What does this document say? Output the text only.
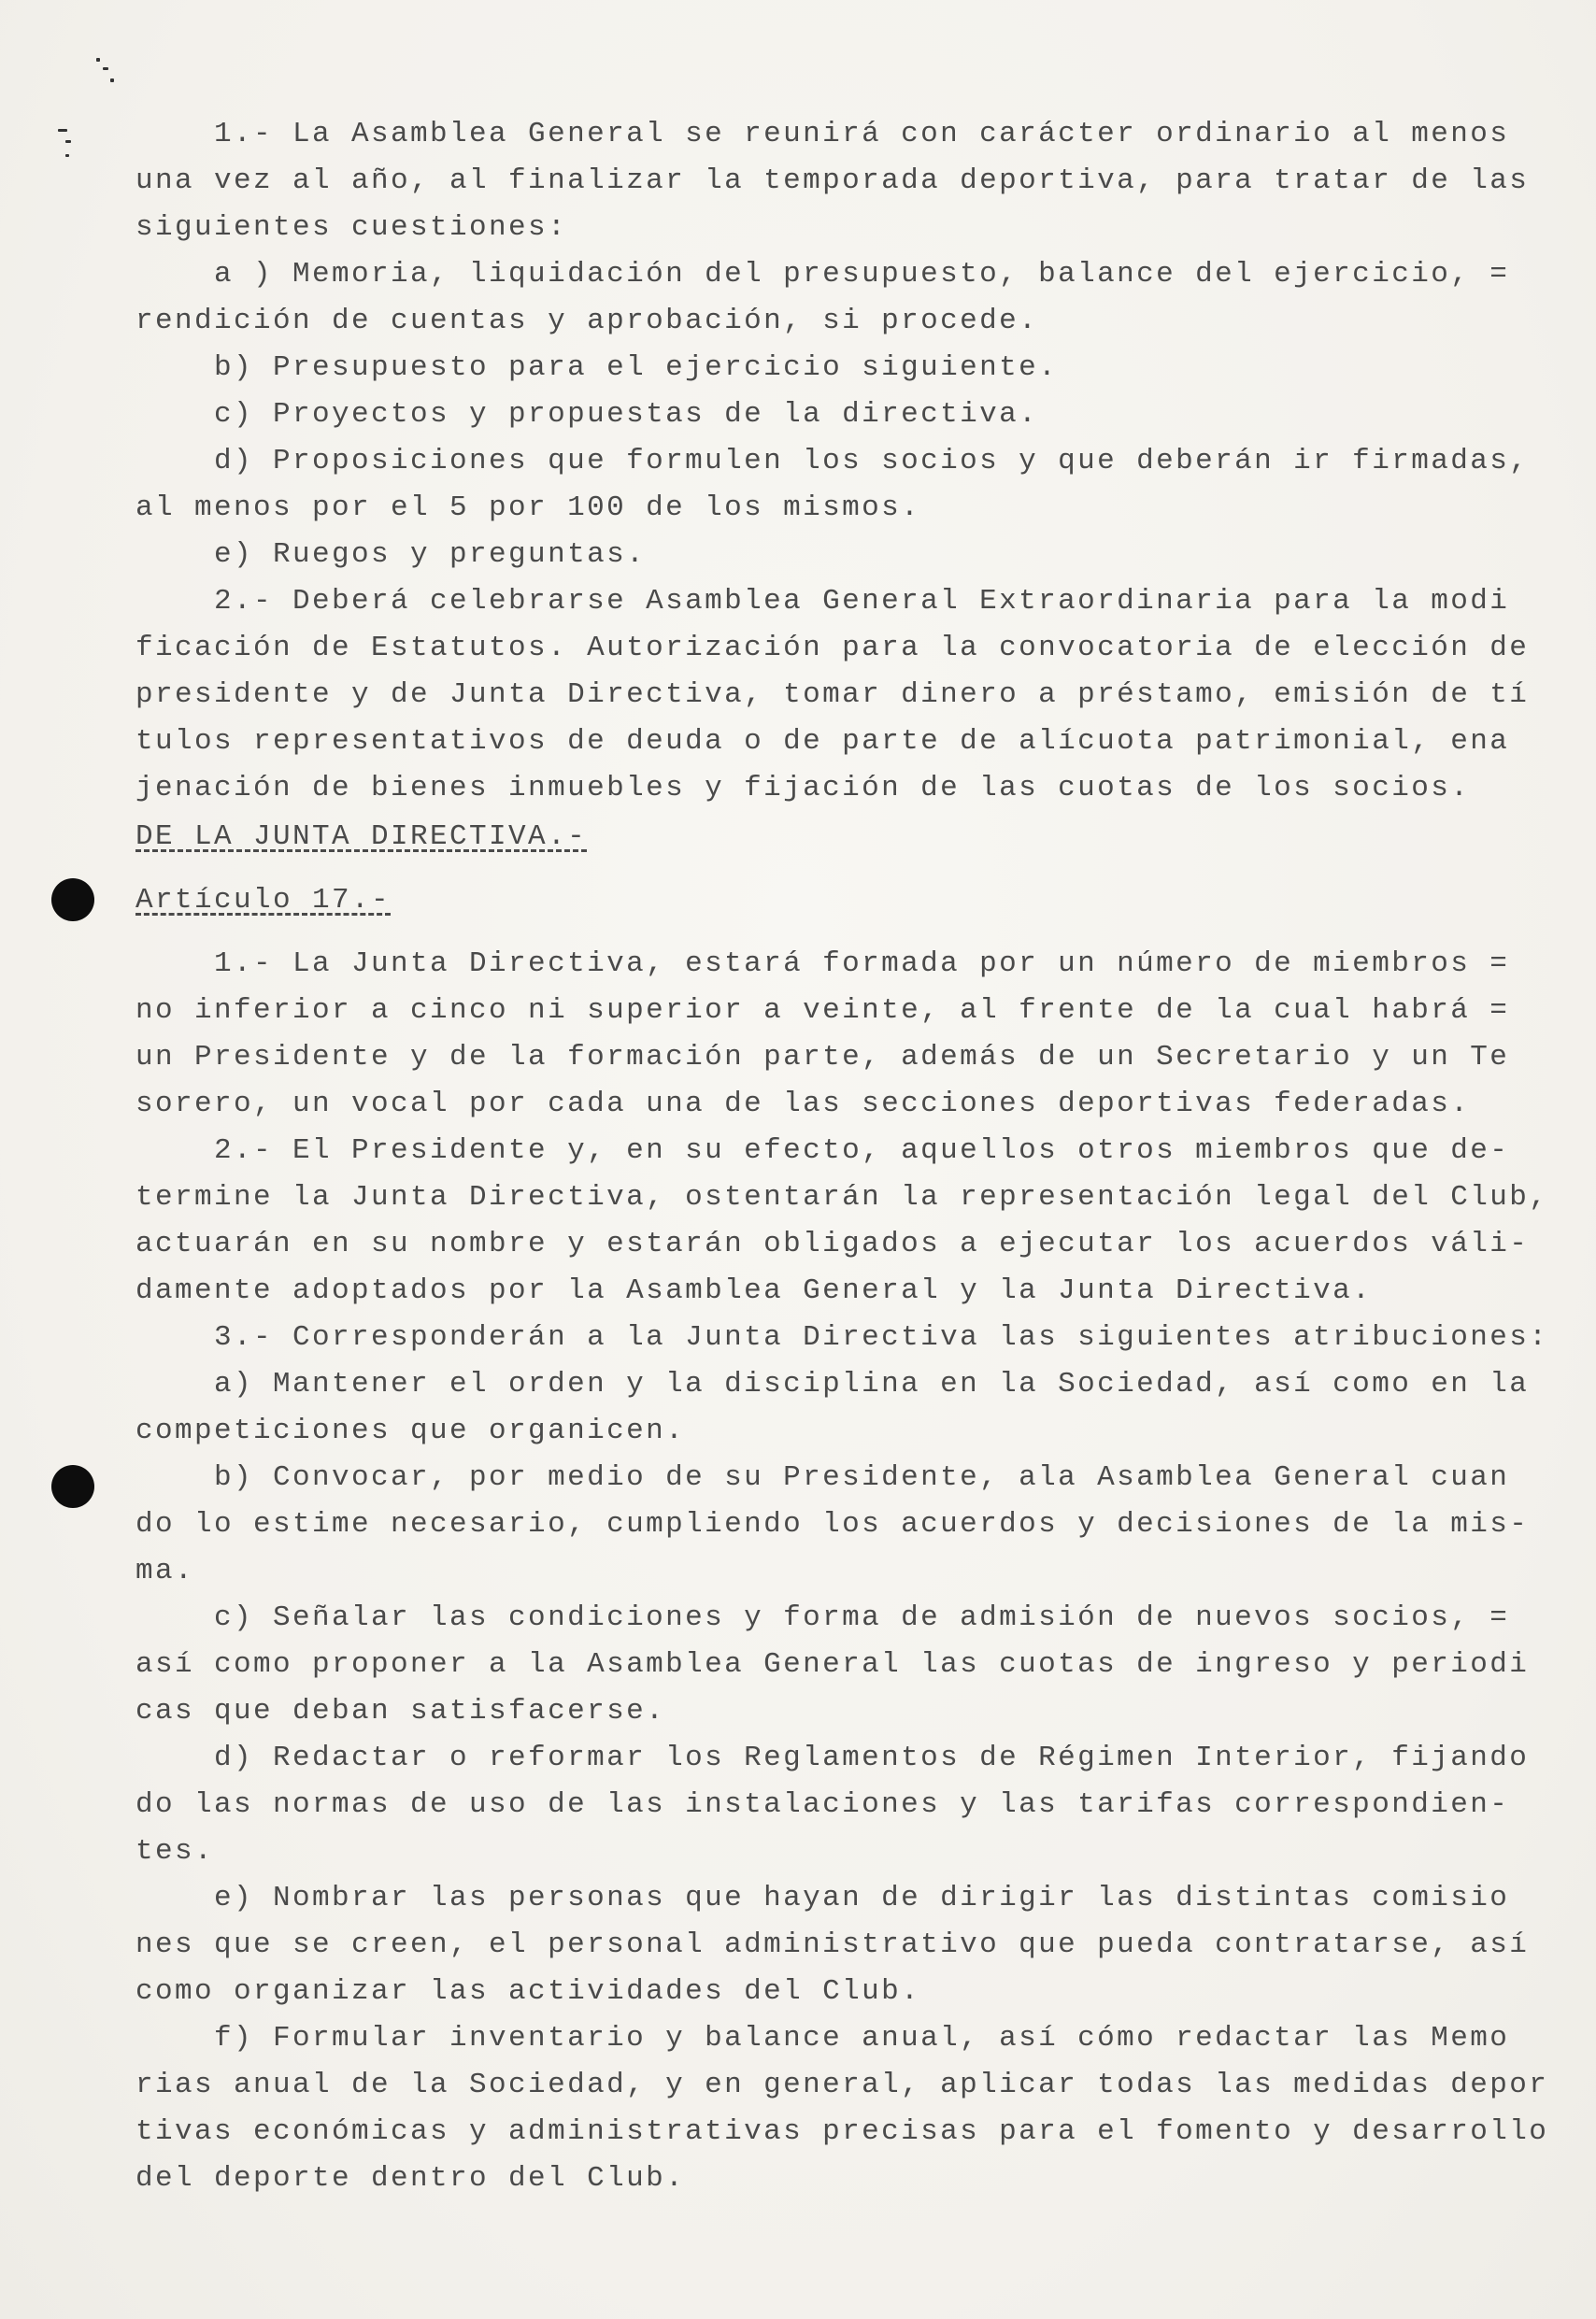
1.- La Asamblea General se reunirá con carácter ordinario al menos
una vez al año, al finalizar la temporada deportiva, para tratar de las
siguientes cuestiones:
a ) Memoria, liquidación del presupuesto, balance del ejercicio, =
rendición de cuentas y aprobación, si procede.
b) Presupuesto para el ejercicio siguiente.
c) Proyectos y propuestas de la directiva.
d) Proposiciones que formulen los socios y que deberán ir firmadas,
al menos por el 5 por 100 de los mismos.
e) Ruegos y preguntas.
2.- Deberá celebrarse Asamblea General Extraordinaria para la modi
ficación de Estatutos. Autorización para la convocatoria de elección de
presidente y de Junta Directiva, tomar dinero a préstamo, emisión de tí
tulos representativos de deuda o de parte de alícuota patrimonial, ena
jenación de bienes inmuebles y fijación de las cuotas de los socios.
DE LA JUNTA DIRECTIVA.-
Artículo 17.-
1.- La Junta Directiva, estará formada por un número de miembros =
no inferior a cinco ni superior a veinte, al frente de la cual habrá =
un Presidente y de la formación parte, además de un Secretario y un Te
sorero, un vocal por cada una de las secciones deportivas federadas.
2.- El Presidente y, en su efecto, aquellos otros miembros que de-
termine la Junta Directiva, ostentarán la representación legal del Club,
actuarán en su nombre y estarán obligados a ejecutar los acuerdos váli-
damente adoptados por la Asamblea General y la Junta Directiva.
3.- Corresponderán a la Junta Directiva las siguientes atribuciones:
a) Mantener el orden y la disciplina en la Sociedad, así como en la
competiciones que organicen.
b) Convocar, por medio de su Presidente, ala Asamblea General cuan
do lo estime necesario, cumpliendo los acuerdos y decisiones de la mis-
ma.
c) Señalar las condiciones y forma de admisión de nuevos socios, =
así como proponer a la Asamblea General las cuotas de ingreso y periodi
cas que deban satisfacerse.
d) Redactar o reformar los Reglamentos de Régimen Interior, fijando
do las normas de uso de las instalaciones y las tarifas correspondien-
tes.
e) Nombrar las personas que hayan de dirigir las distintas comisio
nes que se creen, el personal administrativo que pueda contratarse, así
como organizar las actividades del Club.
f) Formular inventario y balance anual, así cómo redactar las Memo
rias anual de la Sociedad, y en general, aplicar todas las medidas depor
tivas económicas y administrativas precisas para el fomento y desarrollo
del deporte dentro del Club.
